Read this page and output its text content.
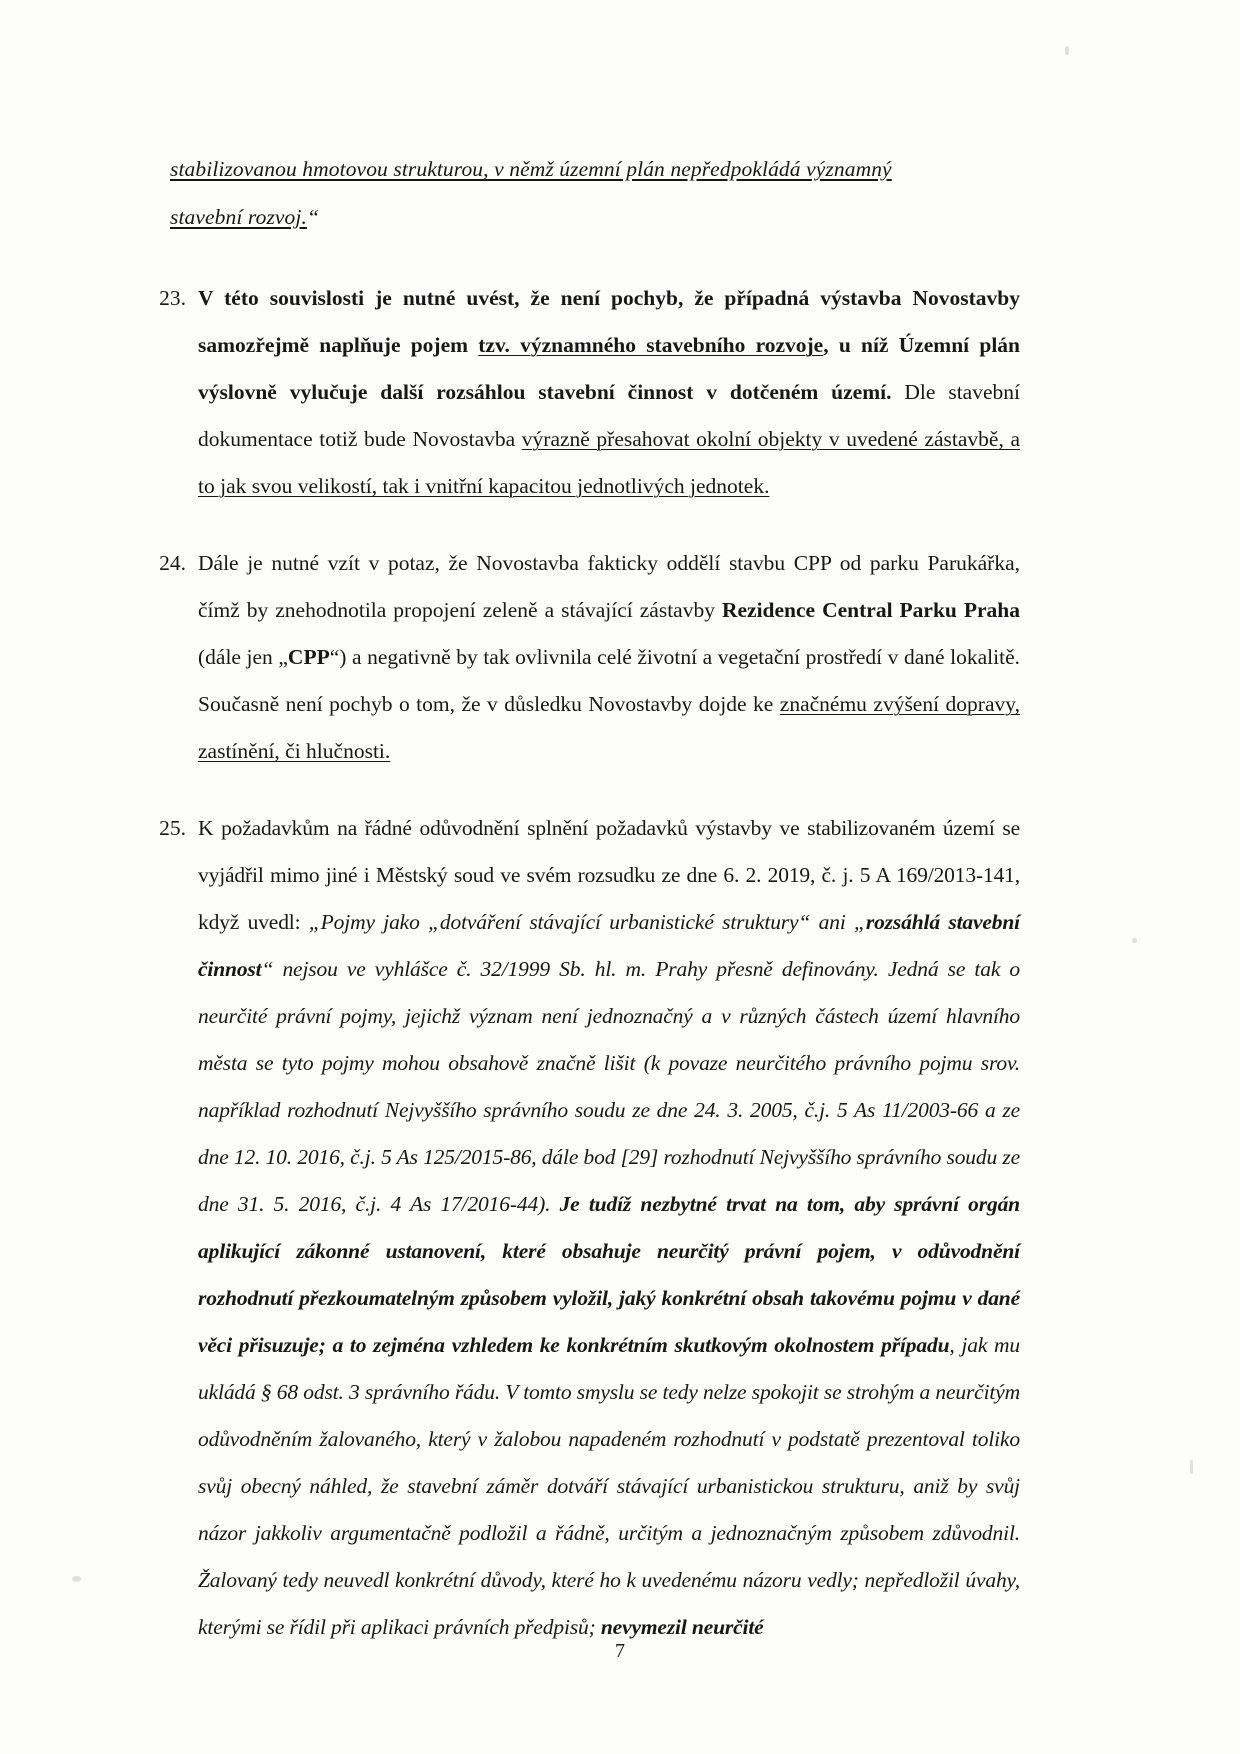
stabilizovanou hmotovou strukturou, v němž územní plán nepředpokládá významný
stavební rozvoj.“
23. V této souvislosti je nutné uvést, že není pochyb, že případná výstavba Novostavby samozřejmě naplňuje pojem tzv. významného stavebního rozvoje, u níž Územní plán výslovně vylučuje další rozsáhlou stavební činnost v dotčeném území. Dle stavební dokumentace totiž bude Novostavba výrazně přesahovat okolní objekty v uvedené zástavbě, a to jak svou velikostí, tak i vnitřní kapacitou jednotlivých jednotek.
24. Dále je nutné vzít v potaz, že Novostavba fakticky oddělí stavbu CPP od parku Parukářka, čímž by znehodnotila propojení zeleně a stávající zástavby Rezidence Central Parku Praha (dále jen „CPP“) a negativně by tak ovlivnila celé životní a vegetační prostředí v dané lokalitě. Současně není pochyb o tom, že v důsledku Novostavby dojde ke značnému zvýšení dopravy, zastínění, či hlučnosti.
25. K požadavkům na řádné odůvodnění splnění požadavků výstavby ve stabilizovaném území se vyjádřil mimo jiné i Městský soud ve svém rozsudku ze dne 6. 2. 2019, č. j. 5 A 169/2013-141, když uvedl: „Pojmy jako „dotváření stávající urbanistické struktury“ ani „rozsáhlá stavební činnost“ nejsou ve vyhlášce č. 32/1999 Sb. hl. m. Prahy přesně definovány. Jedná se tak o neurčité právní pojmy, jejichž význam není jednoznačný a v různých částech území hlavního města se tyto pojmy mohou obsahově značně lišit (k povaze neurčitého právního pojmu srov. například rozhodnutí Nejvyššího správního soudu ze dne 24. 3. 2005, č.j. 5 As 11/2003-66 a ze dne 12. 10. 2016, č.j. 5 As 125/2015-86, dále bod [29] rozhodnutí Nejvyššího správního soudu ze dne 31. 5. 2016, č.j. 4 As 17/2016-44). Je tudíž nezbytné trvat na tom, aby správní orgán aplikující zákonné ustanovení, které obsahuje neurčitý právní pojem, v odůvodnění rozhodnutí přezkoumatelným způsobem vyložil, jaký konkrétní obsah takovému pojmu v dané věci přisuzuje; a to zejména vzhledem ke konkrétním skutkovým okolnostem případu, jak mu ukládá § 68 odst. 3 správního řádu. V tomto smyslu se tedy nelze spokojit se strohým a neurčitým odůvodněním žalovaného, který v žalobou napadeném rozhodnutí v podstatě prezentoval toliko svůj obecný náhled, že stavební záměr dotváří stávající urbanistickou strukturu, aniž by svůj názor jakkoliv argumentačně podložil a řádně, určitým a jednoznačným způsobem zdůvodnil. Žalovaný tedy neuvedl konkrétní důvody, které ho k uvedenému názoru vedly; nepředložil úvahy, kterými se řídil při aplikaci právních předpisů; nevymezil neurčité
7
